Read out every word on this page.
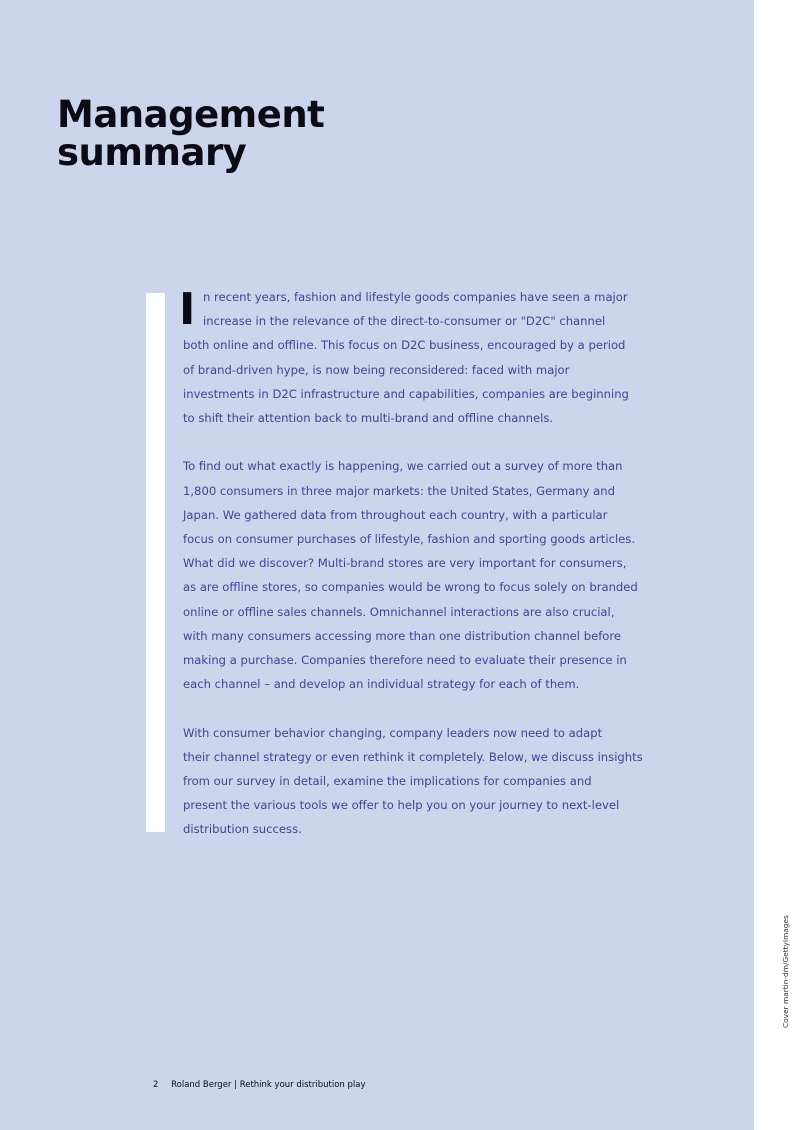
Management
summary
I n recent years, fashion and lifestyle goods companies have seen a major
increase in the relevance of the direct-to-consumer or "D2C" channel
both online and offline. This focus on D2C business, encouraged by a period
of brand-driven hype, is now being reconsidered: faced with major
investments in D2C infrastructure and capabilities, companies are beginning
to shift their attention back to multi-brand and offline channels.
To find out what exactly is happening, we carried out a survey of more than
1,800 consumers in three major markets: the United States, Germany and
Japan. We gathered data from throughout each country, with a particular
focus on consumer purchases of lifestyle, fashion and sporting goods articles.
What did we discover? Multi-brand stores are very important for consumers,
as are offline stores, so companies would be wrong to focus solely on branded
online or offline sales channels. Omnichannel interactions are also crucial,
with many consumers accessing more than one distribution channel before
making a purchase. Companies therefore need to evaluate their presence in
each channel – and develop an individual strategy for each of them.
With consumer behavior changing, company leaders now need to adapt
their channel strategy or even rethink it completely. Below, we discuss insights
from our survey in detail, examine the implications for companies and
present the various tools we offer to help you on your journey to next-level
distribution success.
2 Roland Berger | Rethink your distribution play
Cover martin-dm/GettyImages
